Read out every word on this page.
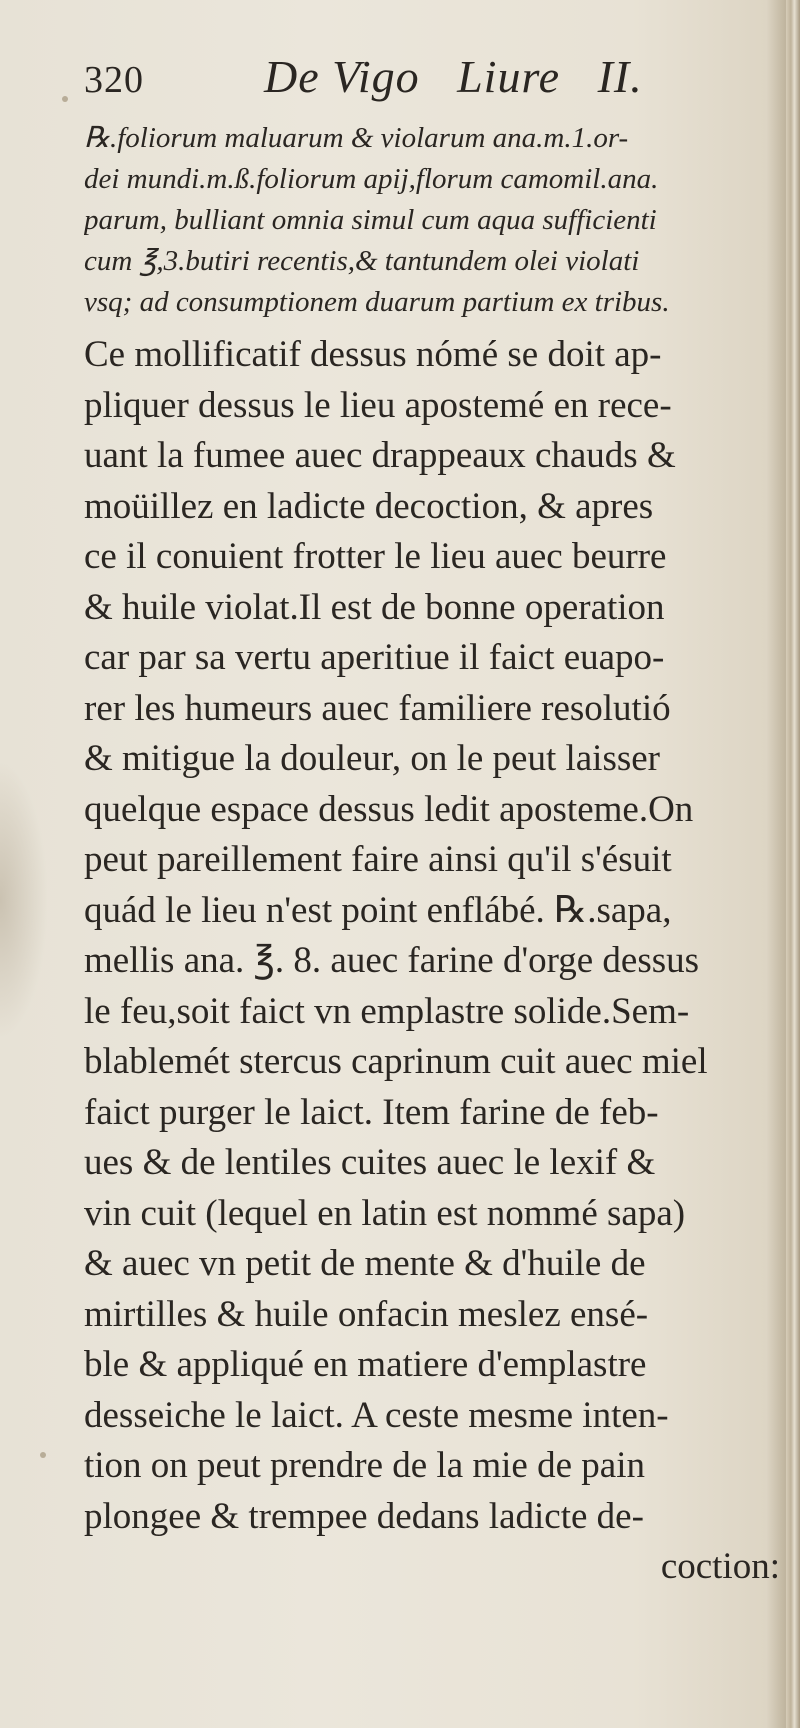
320	De Vigo   Liure   II.
℞.foliorum maluarum & violarum ana.m.1.or-
dei mundi.m.ß.foliorum apij,florum camomil.ana.
parum, bulliant omnia simul cum aqua sufficienti
cum ℥,3.butiri recentis,& tantundem olei violati
vsq; ad consumptionem duarum partium ex tribus.
Ce mollificatif dessus nómé se doit ap-
pliquer dessus le lieu apostemé en rece-
uant la fumee auec drappeaux chauds &
moüillez en ladicte decoction, & apres
ce il conuient frotter le lieu auec beurre
& huile violat.Il est de bonne operation
car par sa vertu aperitiue il faict euapo-
rer les humeurs auec familiere resolutió
& mitigue la douleur, on le peut laisser
quelque espace dessus ledit aposteme.On
peut pareillement faire ainsi qu'il s'ésuit
quád le lieu n'est point enflábé. ℞.sapa,
mellis ana. ℥. 8. auec farine d'orge dessus
le feu,soit faict vn emplastre solide.Sem-
blablemét stercus caprinum cuit auec miel
faict purger le laict. Item farine de feb-
ues & de lentiles cuites auec le lexif &
vin cuit (lequel en latin est nommé sapa)
& auec vn petit de mente & d'huile de
mirtilles & huile onfacin meslez ensé-
ble & appliqué en matiere d'emplastre
desseiche le laict. A ceste mesme inten-
tion on peut prendre de la mie de pain
plongee & trempee dedans ladicte de-
coction:
